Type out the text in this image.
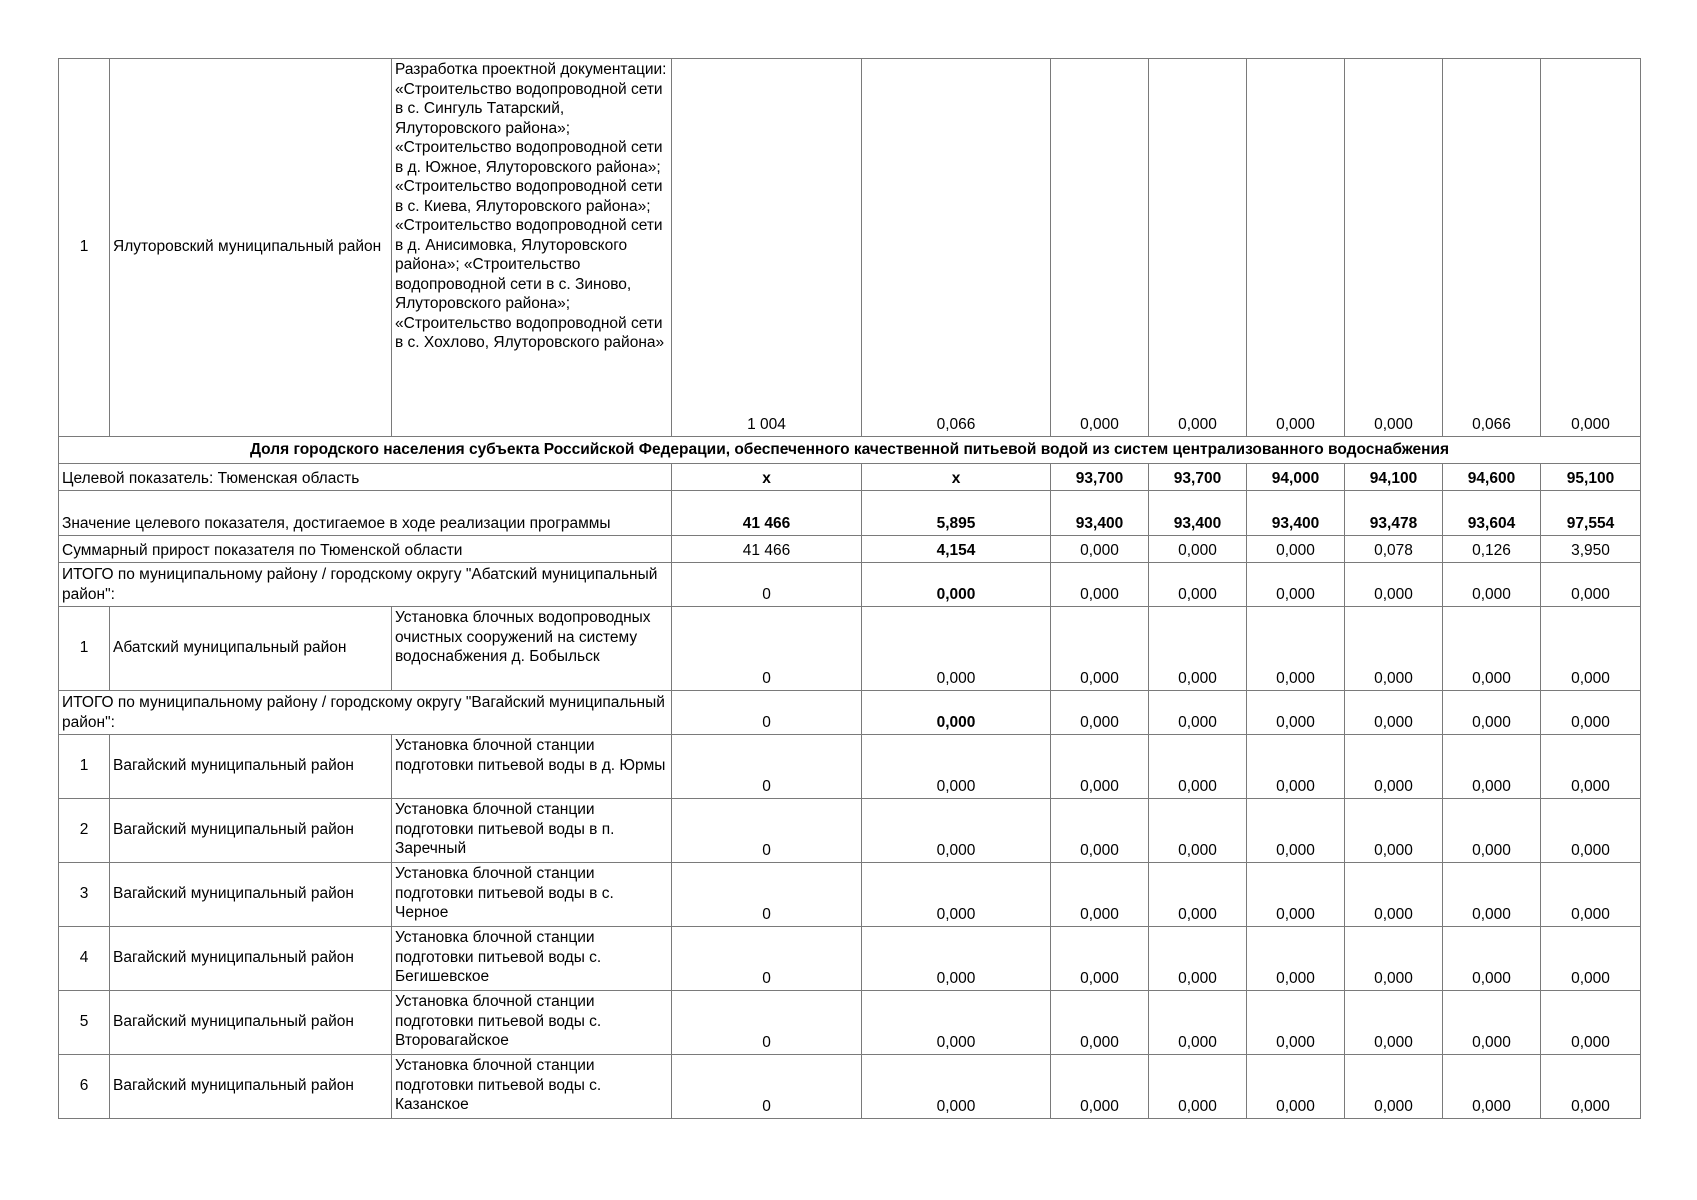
1	Ялуторовский муниципальный район	Разработка проектной документации: «Строительство водопроводной сети в с. Сингуль Татарский, Ялуторовского района»; «Строительство водопроводной сети в д. Южное, Ялуторовского района»; «Строительство водопроводной сети в с. Киева, Ялуторовского района»; «Строительство водопроводной сети в д. Анисимовка, Ялуторовского района»; «Строительство водопроводной сети в с. Зиново, Ялуторовского района»; «Строительство водопроводной сети в с. Хохлово, Ялуторовского района»	1 004	0,066	0,000	0,000	0,000	0,000	0,066	0,000
Доля городского населения субъекта Российской Федерации, обеспеченного качественной питьевой водой из систем централизованного водоснабжения										
Целевой показатель: Тюменская область			х	х	93,700	93,700	94,000	94,100	94,600	95,100
Значение целевого показателя, достигаемое в ходе реализации программы			41 466	5,895	93,400	93,400	93,400	93,478	93,604	97,554
Суммарный прирост показателя по Тюменской области			41 466	4,154	0,000	0,000	0,000	0,078	0,126	3,950
ИТОГО по муниципальному району / городскому округу "Абатский муниципальный район":			0	0,000	0,000	0,000	0,000	0,000	0,000	0,000
1	Абатский муниципальный район	Установка блочных водопроводных очистных сооружений на систему водоснабжения д. Бобыльск	0	0,000	0,000	0,000	0,000	0,000	0,000	0,000
ИТОГО по муниципальному району / городскому округу "Вагайский муниципальный район":			0	0,000	0,000	0,000	0,000	0,000	0,000	0,000
1	Вагайский муниципальный район	Установка блочной станции подготовки питьевой воды в д. Юрмы	0	0,000	0,000	0,000	0,000	0,000	0,000	0,000
2	Вагайский муниципальный район	Установка блочной станции подготовки питьевой воды в п. Заречный	0	0,000	0,000	0,000	0,000	0,000	0,000	0,000
3	Вагайский муниципальный район	Установка блочной станции подготовки питьевой воды в с. Черное	0	0,000	0,000	0,000	0,000	0,000	0,000	0,000
4	Вагайский муниципальный район	Установка блочной станции подготовки питьевой воды с. Бегишевское	0	0,000	0,000	0,000	0,000	0,000	0,000	0,000
5	Вагайский муниципальный район	Установка блочной станции подготовки питьевой воды с. Второвагайское	0	0,000	0,000	0,000	0,000	0,000	0,000	0,000
6	Вагайский муниципальный район	Установка блочной станции подготовки питьевой воды с. Казанское	0	0,000	0,000	0,000	0,000	0,000	0,000	0,000
